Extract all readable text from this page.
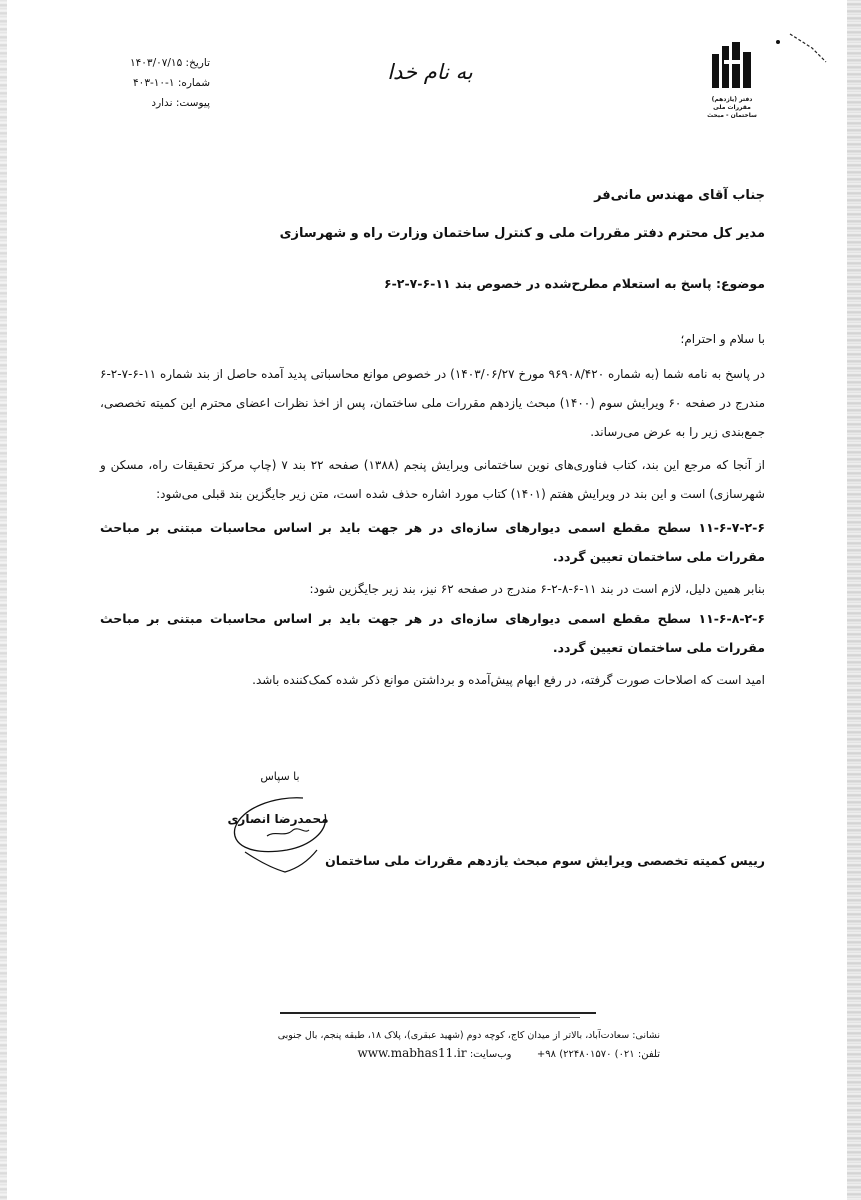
دفتر (یازدهم) مقررات ملی ساختمان - مبحث
به نام خدا
تاریخ: ۱۴۰۳/۰۷/۱۵
شماره: ۱-۱۰-۴۰۳
پیوست: ندارد
جناب آقای مهندس مانی‌فر
مدیر کل محترم دفتر مقررات ملی و کنترل ساختمان وزارت راه و شهرسازی
موضوع: پاسخ به استعلام مطرح‌شده در خصوص بند ۱۱-۶-۷-۲-۶

با سلام و احترام؛

در پاسخ به نامه شما (به شماره ۹۶۹۰۸/۴۲۰ مورخ ۱۴۰۳/۰۶/۲۷) در خصوص موانع محاسباتی پدید آمده حاصل از بند شماره ۱۱-۶-۷-۲-۶ مندرج در صفحه ۶۰ ویرایش سوم (۱۴۰۰) مبحث یازدهم مقررات ملی ساختمان، پس از اخذ نظرات اعضای محترم این کمیته تخصصی، جمع‌بندی زیر را به عرض می‌رساند.

از آنجا که مرجع این بند، کتاب فناوری‌های نوین ساختمانی ویرایش پنجم (۱۳۸۸) صفحه ۲۲ بند ۷ (چاپ مرکز تحقیقات راه، مسکن و شهرسازی) است و این بند در ویرایش هفتم (۱۴۰۱) کتاب مورد اشاره حذف شده است، متن زیر جایگزین بند قبلی می‌شود:

۱۱-۶-۷-۲-۶ سطح مقطع اسمی دیوارهای سازه‌ای در هر جهت باید بر اساس محاسبات مبتنی بر مباحث مقررات ملی ساختمان تعیین گردد.

بنابر همین دلیل، لازم است در بند ۱۱-۶-۸-۲-۶ مندرج در صفحه ۶۲ نیز، بند زیر جایگزین شود:

۱۱-۶-۸-۲-۶ سطح مقطع اسمی دیوارهای سازه‌ای در هر جهت باید بر اساس محاسبات مبتنی بر مباحث مقررات ملی ساختمان تعیین گردد.

امید است که اصلاحات صورت گرفته، در رفع ابهام پیش‌آمده و برداشتن موانع ذکر شده کمک‌کننده باشد.

با سپاس
محمدرضا انصاری
رییس کمیته تخصصی ویرایش سوم مبحث یازدهم مقررات ملی ساختمان
نشانی: سعادت‌آباد، بالاتر از میدان کاج، کوچه دوم (شهید عبقری)، پلاک ۱۸، طبقه پنجم، بال جنوبی
تلفن: ۰۲۱) ۲۲۴۸۰۱۵۷۰) ۹۸+        وب‌سایت: www.mabhas11.ir
